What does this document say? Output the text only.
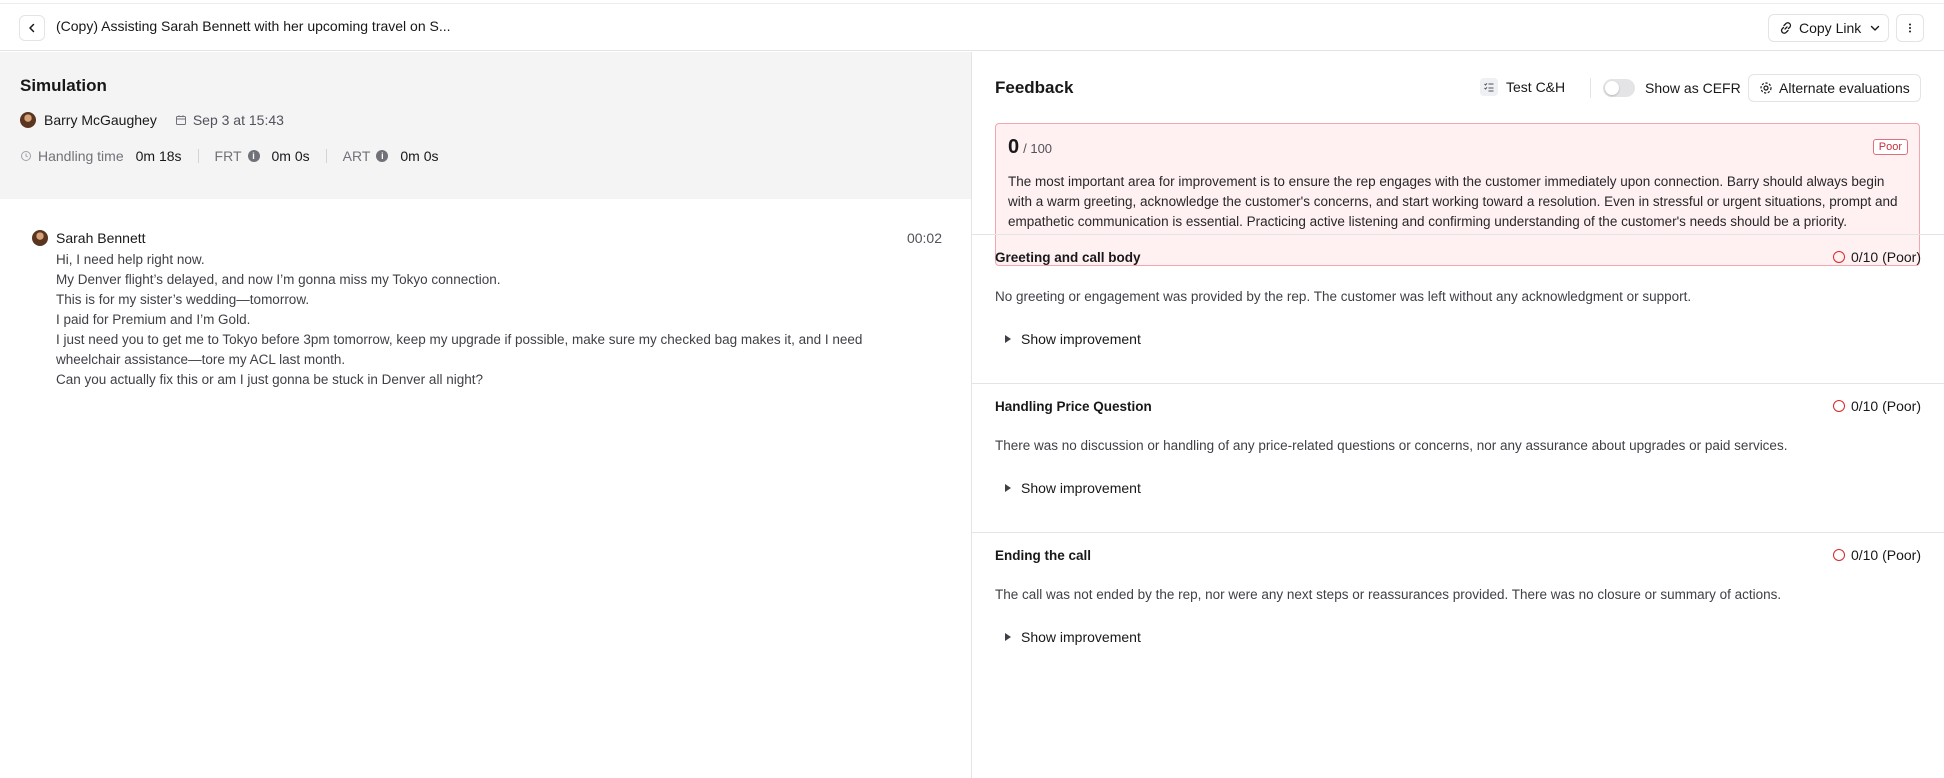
(Copy) Assisting Sarah Bennett with her upcoming travel on S...	Copy Link
Simulation
Barry McGaughey	Sep 3 at 15:43
Handling time 0m 18s FRT	i	0m 0s ART	i	0m 0s
Sarah Bennett	00:02
Hi, I need help right now.
My Denver flight’s delayed, and now I’m gonna miss my Tokyo connection.
This is for my sister’s wedding—tomorrow.
I paid for Premium and I’m Gold.
I just need you to get me to Tokyo before 3pm tomorrow, keep my upgrade if possible, make sure my checked bag makes it, and I need
wheelchair assistance—tore my ACL last month.
Can you actually fix this or am I just gonna be stuck in Denver all night?
Feedback	Test C&H	Show as CEFR	Alternate evaluations
0 / 100	Poor
The most important area for improvement is to ensure the rep engages with the customer immediately upon connection. Barry should always begin with a warm greeting, acknowledge the customer's concerns, and start working toward a resolution. Even in stressful or urgent situations, prompt and empathetic communication is essential. Practicing active listening and confirming understanding of the customer's needs should be a priority.
Greeting and call body	0/10 (Poor)
No greeting or engagement was provided by the rep. The customer was left without any acknowledgment or support.
Show improvement
Handling Price Question	0/10 (Poor)
There was no discussion or handling of any price-related questions or concerns, nor any assurance about upgrades or paid services.
Show improvement
Ending the call	0/10 (Poor)
The call was not ended by the rep, nor were any next steps or reassurances provided. There was no closure or summary of actions.
Show improvement
